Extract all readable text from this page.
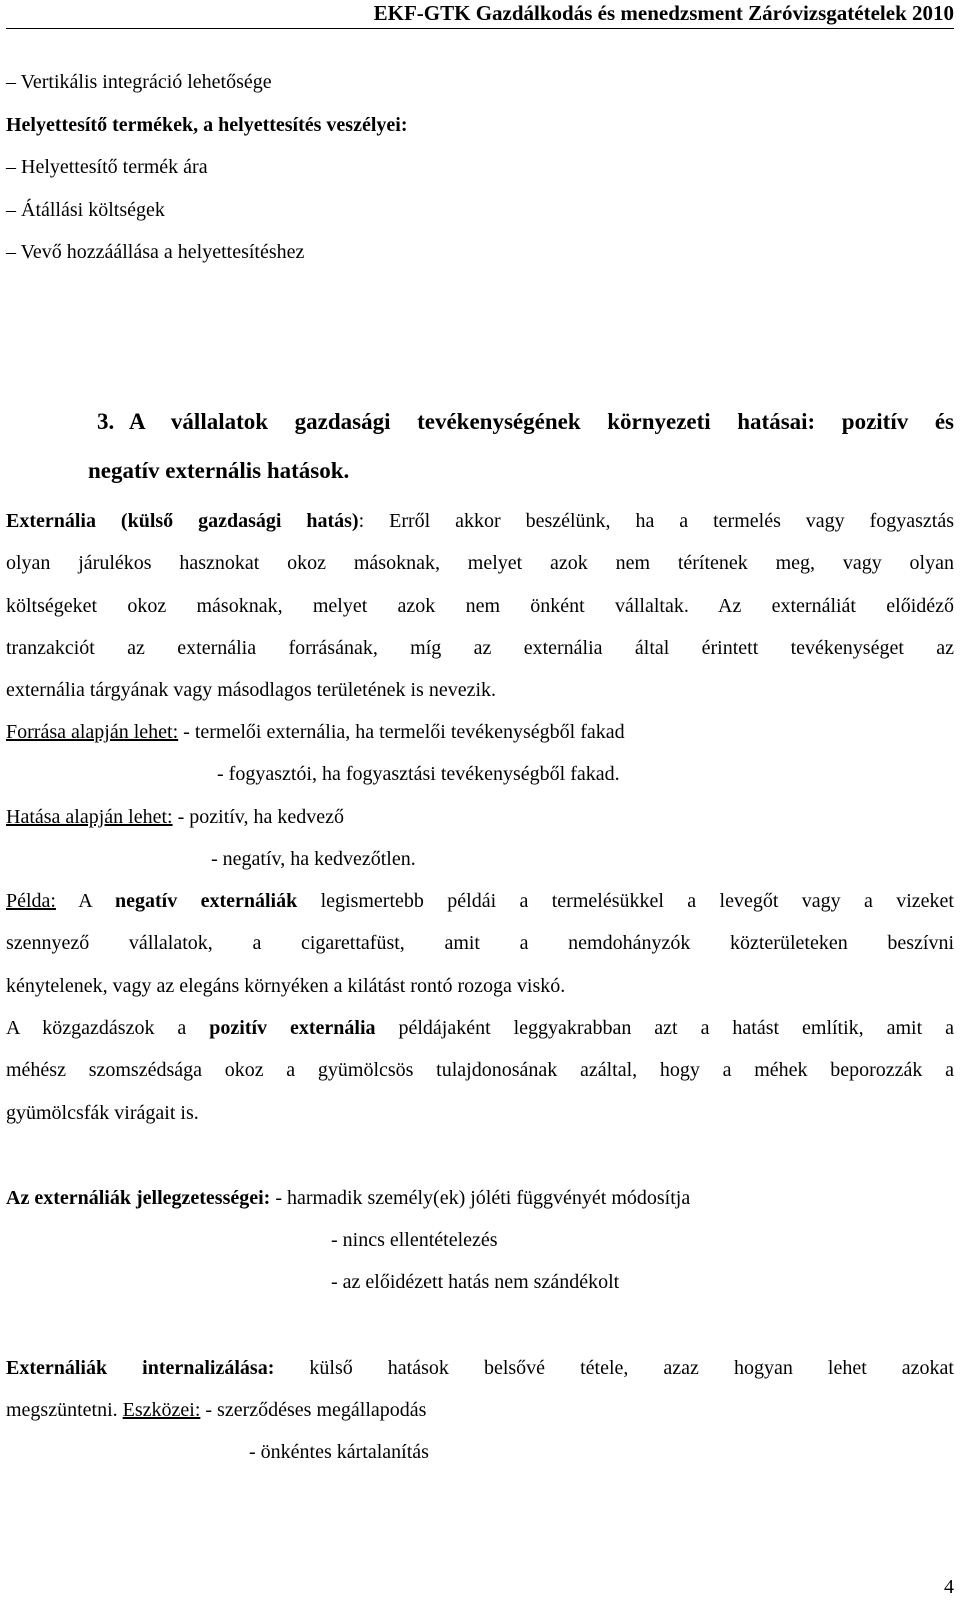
EKF-GTK Gazdálkodás és menedzsment Záróvizsgatételek 2010
– Vertikális integráció lehetősége
Helyettesítő termékek, a helyettesítés veszélyei:
– Helyettesítő termék ára
– Átállási költségek
– Vevő hozzáállása a helyettesítéshez
3. A vállalatok gazdasági tevékenységének környezeti hatásai: pozitív és
negatív externális hatások.
Externália (külső gazdasági hatás): Erről akkor beszélünk, ha a termelés vagy fogyasztás
olyan járulékos hasznokat okoz másoknak, melyet azok nem térítenek meg, vagy olyan
költségeket okoz másoknak, melyet azok nem önként vállaltak. Az externáliát előidéző
tranzakciót az externália forrásának, míg az externália által érintett tevékenységet az
externália tárgyának vagy másodlagos területének is nevezik.
Forrása alapján lehet: - termelői externália, ha termelői tevékenységből fakad
- fogyasztói, ha fogyasztási tevékenységből fakad.
Hatása alapján lehet: - pozitív, ha kedvező
- negatív, ha kedvezőtlen.
Példa: A negatív externáliák legismertebb példái a termelésükkel a levegőt vagy a vizeket
szennyező vállalatok, a cigarettafüst, amit a nemdohányzók közterületeken beszívni
kénytelenek, vagy az elegáns környéken a kilátást rontó rozoga viskó.
A közgazdászok a pozitív externália példájaként leggyakrabban azt a hatást említik, amit a
méhész szomszédsága okoz a gyümölcsös tulajdonosának azáltal, hogy a méhek beporozzák a
gyümölcsfák virágait is.
Az externáliák jellegzetességei: - harmadik személy(ek) jóléti függvényét módosítja
- nincs ellentételezés
- az előidézett hatás nem szándékolt
Externáliák internalizálása: külső hatások belsővé tétele, azaz hogyan lehet azokat
megszüntetni. Eszközei: - szerződéses megállapodás
- önkéntes kártalanítás
4
